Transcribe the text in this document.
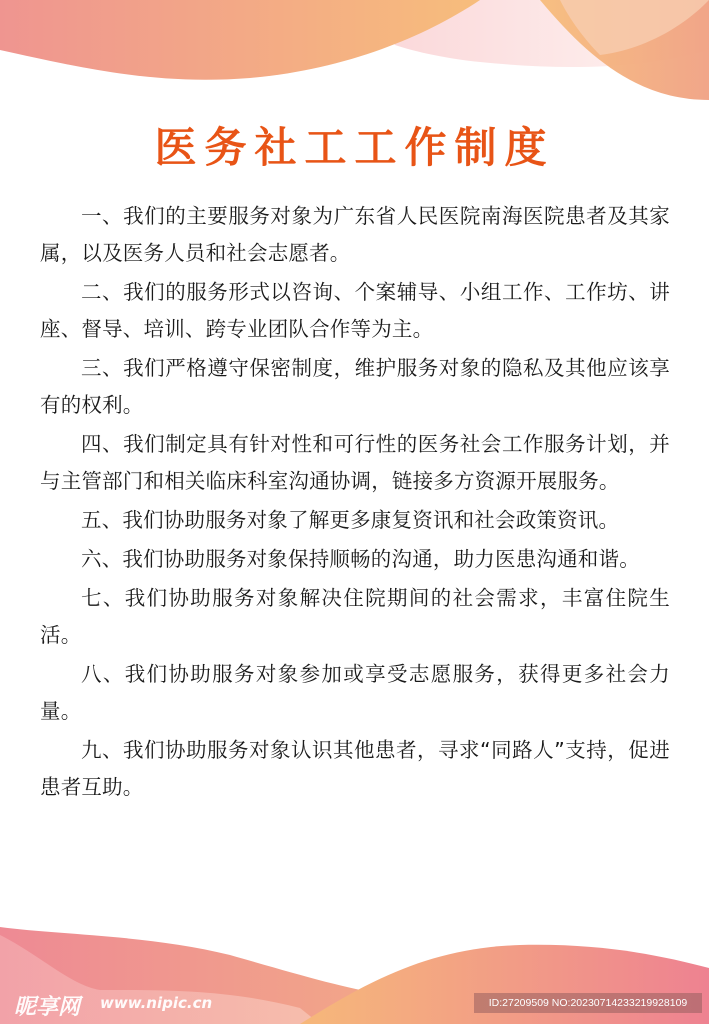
医务社工工作制度

一、我们的主要服务对象为广东省人民医院南海医院患者及其家属，以及医务人员和社会志愿者。

二、我们的服务形式以咨询、个案辅导、小组工作、工作坊、讲座、督导、培训、跨专业团队合作等为主。

三、我们严格遵守保密制度，维护服务对象的隐私及其他应该享有的权利。

四、我们制定具有针对性和可行性的医务社会工作服务计划，并与主管部门和相关临床科室沟通协调，链接多方资源开展服务。

五、我们协助服务对象了解更多康复资讯和社会政策资讯。

六、我们协助服务对象保持顺畅的沟通，助力医患沟通和谐。

七、我们协助服务对象解决住院期间的社会需求，丰富住院生活。

八、我们协助服务对象参加或享受志愿服务，获得更多社会力量。

九、我们协助服务对象认识其他患者，寻求“同路人”支持，促进患者互助。

昵享网 www.nipic.cn	ID:27209509 NO:20230714233219928109
